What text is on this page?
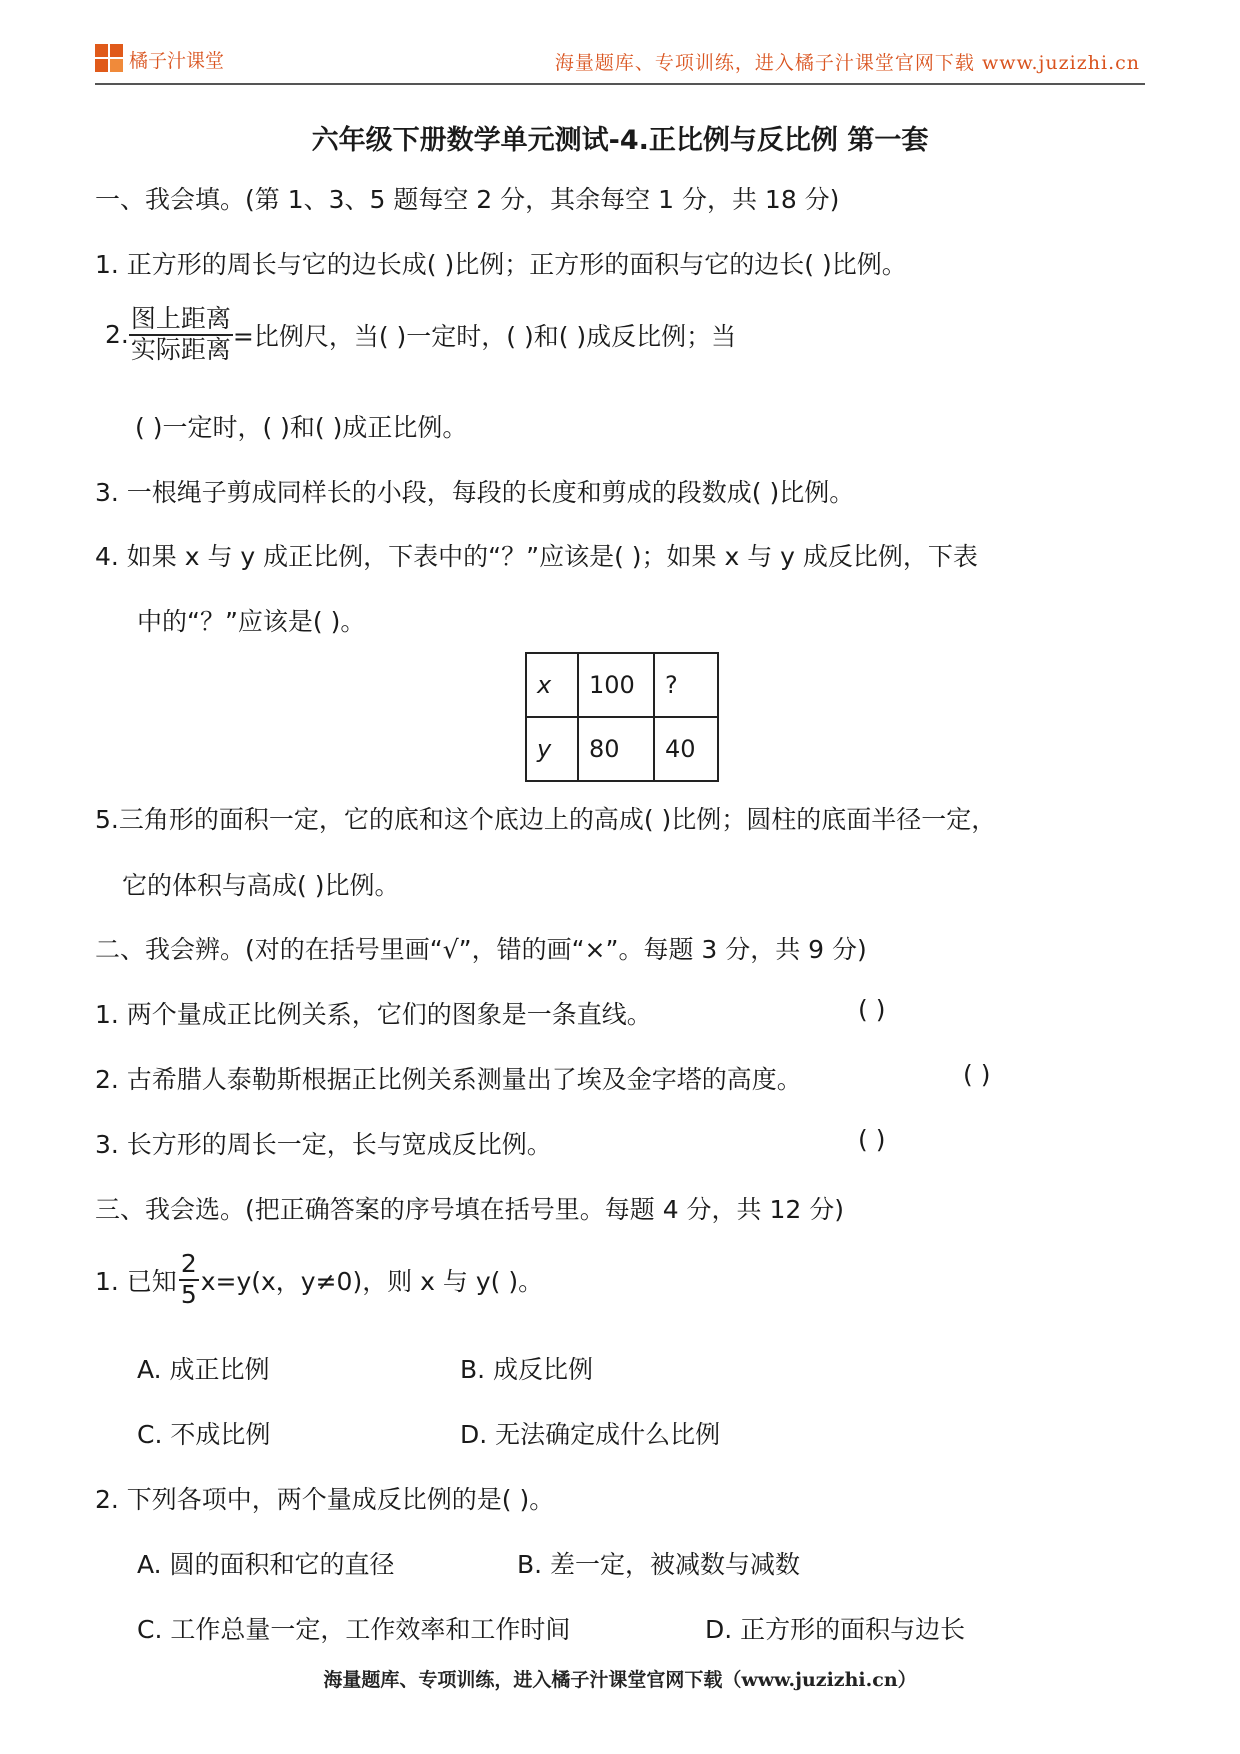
橘子汁课堂	海量题库、专项训练，进入橘子汁课堂官网下载 www.juzizhi.cn
六年级下册数学单元测试-4.正比例与反比例 第一套
一、我会填。(第 1、3、5 题每空 2 分，其余每空 1 分，共 18 分)
1. 正方形的周长与它的边长成( )比例；正方形的面积与它的边长( )比例。
2. $\frac{\text{图上距离}}{\text{实际距离}}$ =比例尺，当( )一定时，( )和( )成反比例；当
( )一定时，( )和( )成正比例。
3. 一根绳子剪成同样长的小段，每段的长度和剪成的段数成( )比例。
4. 如果 x 与 y 成正比例，下表中的“？”应该是( )；如果 x 与 y 成反比例，下表
中的“？”应该是( )。
x	100	?
y	80	40
5.三角形的面积一定，它的底和这个底边上的高成( )比例；圆柱的底面半径一定，
它的体积与高成( )比例。
二、我会辨。(对的在括号里画“√”，错的画“×”。每题 3 分，共 9 分)
1. 两个量成正比例关系，它们的图象是一条直线。	( )
2. 古希腊人泰勒斯根据正比例关系测量出了埃及金字塔的高度。	( )
3. 长方形的周长一定，长与宽成反比例。	( )
三、我会选。(把正确答案的序号填在括号里。每题 4 分，共 12 分)
1. 已知 $\frac{2}{5} x=y(x$，y≠0)，则 x 与 y( )。
A. 成正比例	B. 成反比例
C. 不成比例	D. 无法确定成什么比例
2. 下列各项中，两个量成反比例的是( )。
A. 圆的面积和它的直径	B. 差一定，被减数与减数
C. 工作总量一定，工作效率和工作时间	D. 正方形的面积与边长
海量题库、专项训练，进入橘子汁课堂官网下载（www.juzizhi.cn）
